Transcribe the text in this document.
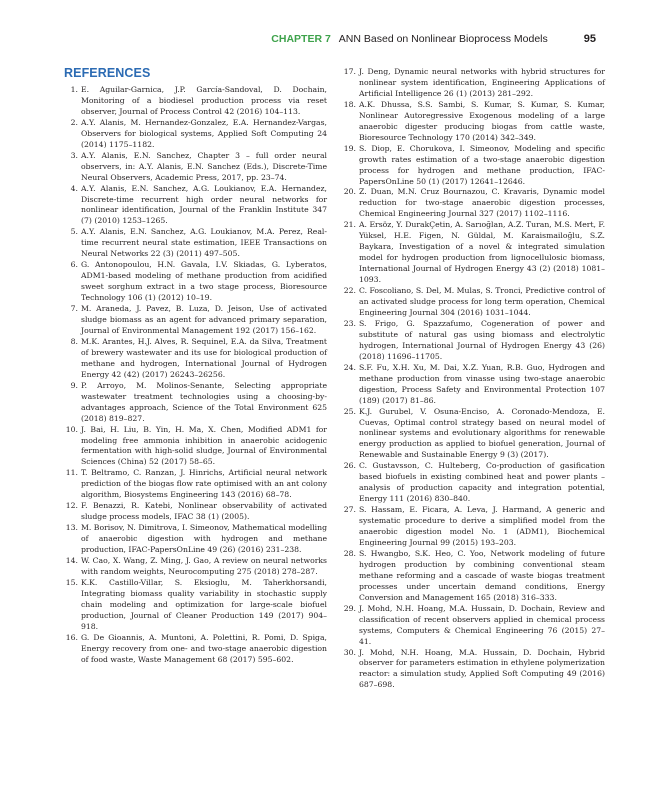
CHAPTER 7 ANN Based on Nonlinear Bioprocess Models	95
REFERENCES
1. E. Aguilar-Garnica, J.P. García-Sandoval, D. Dochain, Monitoring of a biodiesel production process via reset observer, Journal of Process Control 42 (2016) 104–113.
2. A.Y. Alanis, M. Hernandez-Gonzalez, E.A. Hernandez-Vargas, Observers for biological systems, Applied Soft Computing 24 (2014) 1175–1182.
3. A.Y. Alanis, E.N. Sanchez, Chapter 3 – full order neural observers, in: A.Y. Alanis, E.N. Sanchez (Eds.), Discrete-Time Neural Observers, Academic Press, 2017, pp. 23–74.
4. A.Y. Alanis, E.N. Sanchez, A.G. Loukianov, E.A. Hernandez, Discrete-time recurrent high order neural networks for nonlinear identification, Journal of the Franklin Institute 347 (7) (2010) 1253–1265.
5. A.Y. Alanis, E.N. Sanchez, A.G. Loukianov, M.A. Perez, Real-time recurrent neural state estimation, IEEE Transactions on Neural Networks 22 (3) (2011) 497–505.
6. G. Antonopoulou, H.N. Gavala, I.V. Skiadas, G. Lyberatos, ADM1-based modeling of methane production from acidified sweet sorghum extract in a two stage process, Bioresource Technology 106 (1) (2012) 10–19.
7. M. Araneda, J. Pavez, B. Luza, D. Jeison, Use of activated sludge biomass as an agent for advanced primary separation, Journal of Environmental Management 192 (2017) 156–162.
8. M.K. Arantes, H.J. Alves, R. Sequinel, E.A. da Silva, Treatment of brewery wastewater and its use for biological production of methane and hydrogen, International Journal of Hydrogen Energy 42 (42) (2017) 26243–26256.
9. P. Arroyo, M. Molinos-Senante, Selecting appropriate wastewater treatment technologies using a choosing-by-advantages approach, Science of the Total Environment 625 (2018) 819–827.
10. J. Bai, H. Liu, B. Yin, H. Ma, X. Chen, Modified ADM1 for modeling free ammonia inhibition in anaerobic acidogenic fermentation with high-solid sludge, Journal of Environmental Sciences (China) 52 (2017) 58–65.
11. T. Beltramo, C. Ranzan, J. Hinrichs, Artificial neural network prediction of the biogas flow rate optimised with an ant colony algorithm, Biosystems Engineering 143 (2016) 68–78.
12. F. Benazzi, R. Katebi, Nonlinear observability of activated sludge process models, IFAC 38 (1) (2005).
13. M. Borisov, N. Dimitrova, I. Simeonov, Mathematical modelling of anaerobic digestion with hydrogen and methane production, IFAC-PapersOnLine 49 (26) (2016) 231–238.
14. W. Cao, X. Wang, Z. Ming, J. Gao, A review on neural networks with random weights, Neurocomputing 275 (2018) 278–287.
15. K.K. Castillo-Villar, S. Eksioglu, M. Taherkhorsandi, Integrating biomass quality variability in stochastic supply chain modeling and optimization for large-scale biofuel production, Journal of Cleaner Production 149 (2017) 904–918.
16. G. De Gioannis, A. Muntoni, A. Polettini, R. Pomi, D. Spiga, Energy recovery from one- and two-stage anaerobic digestion of food waste, Waste Management 68 (2017) 595–602.
17. J. Deng, Dynamic neural networks with hybrid structures for nonlinear system identification, Engineering Applications of Artificial Intelligence 26 (1) (2013) 281–292.
18. A.K. Dhussa, S.S. Sambi, S. Kumar, S. Kumar, S. Kumar, Nonlinear Autoregressive Exogenous modeling of a large anaerobic digester producing biogas from cattle waste, Bioresource Technology 170 (2014) 342–349.
19. S. Diop, E. Chorukova, I. Simeonov, Modeling and specific growth rates estimation of a two-stage anaerobic digestion process for hydrogen and methane production, IFAC-PapersOnLine 50 (1) (2017) 12641–12646.
20. Z. Duan, M.N. Cruz Bournazou, C. Kravaris, Dynamic model reduction for two-stage anaerobic digestion processes, Chemical Engineering Journal 327 (2017) 1102–1116.
21. A. Ersöz, Y. DurakÇetin, A. Sarıoğlan, A.Z. Turan, M.S. Mert, F. Yüksel, H.E. Figen, N. Güldal, M. Karaismailoğlu, S.Z. Baykara, Investigation of a novel & integrated simulation model for hydrogen production from lignocellulosic biomass, International Journal of Hydrogen Energy 43 (2) (2018) 1081–1093.
22. C. Foscoliano, S. Del, M. Mulas, S. Tronci, Predictive control of an activated sludge process for long term operation, Chemical Engineering Journal 304 (2016) 1031–1044.
23. S. Frigo, G. Spazzafumo, Cogeneration of power and substitute of natural gas using biomass and electrolytic hydrogen, International Journal of Hydrogen Energy 43 (26) (2018) 11696–11705.
24. S.F. Fu, X.H. Xu, M. Dai, X.Z. Yuan, R.B. Guo, Hydrogen and methane production from vinasse using two-stage anaerobic digestion, Process Safety and Environmental Protection 107 (189) (2017) 81–86.
25. K.J. Gurubel, V. Osuna-Enciso, A. Coronado-Mendoza, E. Cuevas, Optimal control strategy based on neural model of nonlinear systems and evolutionary algorithms for renewable energy production as applied to biofuel generation, Journal of Renewable and Sustainable Energy 9 (3) (2017).
26. C. Gustavsson, C. Hulteberg, Co-production of gasification based biofuels in existing combined heat and power plants – analysis of production capacity and integration potential, Energy 111 (2016) 830–840.
27. S. Hassam, E. Ficara, A. Leva, J. Harmand, A generic and systematic procedure to derive a simplified model from the anaerobic digestion model No. 1 (ADM1), Biochemical Engineering Journal 99 (2015) 193–203.
28. S. Hwangbo, S.K. Heo, C. Yoo, Network modeling of future hydrogen production by combining conventional steam methane reforming and a cascade of waste biogas treatment processes under uncertain demand conditions, Energy Conversion and Management 165 (2018) 316–333.
29. J. Mohd, N.H. Hoang, M.A. Hussain, D. Dochain, Review and classification of recent observers applied in chemical process systems, Computers & Chemical Engineering 76 (2015) 27–41.
30. J. Mohd, N.H. Hoang, M.A. Hussain, D. Dochain, Hybrid observer for parameters estimation in ethylene polymerization reactor: a simulation study, Applied Soft Computing 49 (2016) 687–698.
